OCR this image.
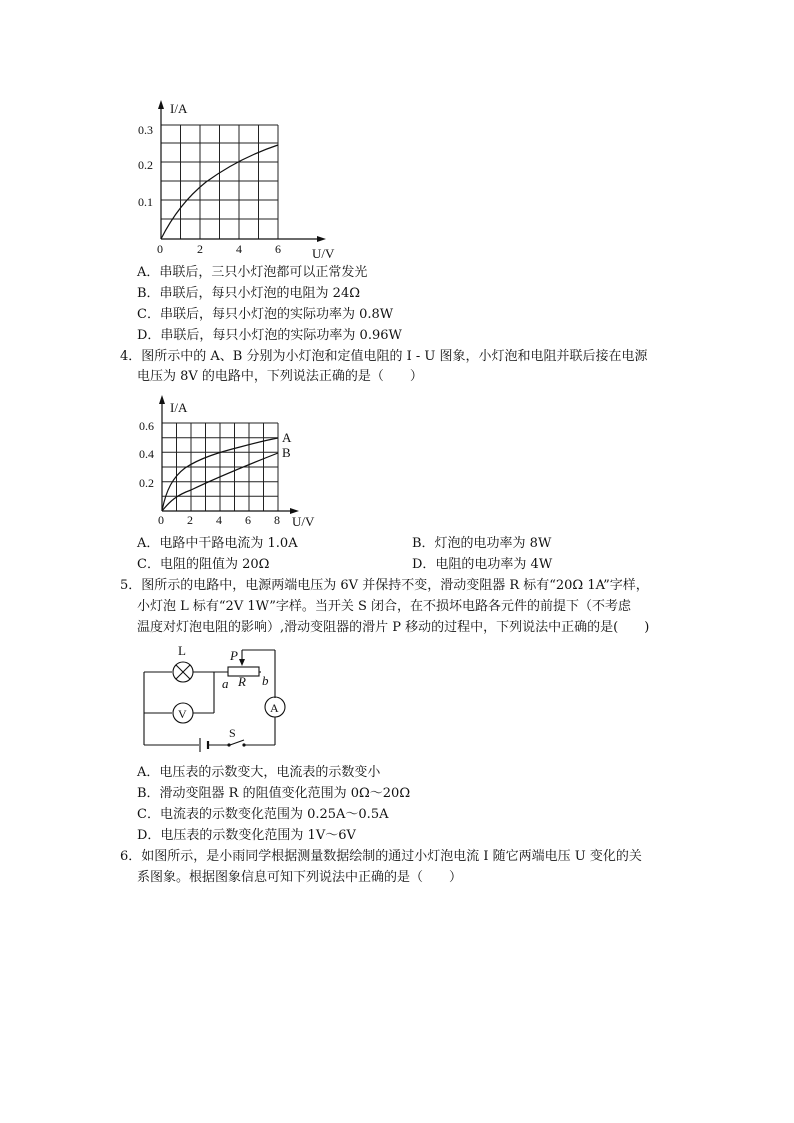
I/A
U/V
0.3
0.2
0.1
0	2	4	6
A．串联后，三只小灯泡都可以正常发光
B．串联后，每只小灯泡的电阻为 24Ω
C．串联后，每只小灯泡的实际功率为 0.8W
D．串联后，每只小灯泡的实际功率为 0.96W
4．图所示中的 A、B 分别为小灯泡和定值电阻的 I - U 图象，小灯泡和电阻并联后接在电源
电压为 8V 的电路中，下列说法正确的是（　　）
A
B
I/A
U/V
0.6
0.4
0.2
0 2 4 6 8
A．电路中干路电流为 1.0A	B．灯泡的电功率为 8W
C．电阻的阻值为 20Ω	D．电阻的电功率为 4W
5．图所示的电路中，电源两端电压为 6V 并保持不变，滑动变阻器 R 标有“20Ω 1A”字样，
小灯泡 L 标有“2V 1W”字样。当开关 S 闭合，在不损坏电路各元件的前提下（不考虑
温度对灯泡电阻的影响）,滑动变阻器的滑片 P 移动的过程中，下列说法中正确的是(　　)
L	P
R
a	b
V	A
S
A．电压表的示数变大，电流表的示数变小
B．滑动变阻器 R 的阻值变化范围为 0Ω～20Ω
C．电流表的示数变化范围为 0.25A～0.5A
D．电压表的示数变化范围为 1V～6V
6．如图所示，是小雨同学根据测量数据绘制的通过小灯泡电流 I 随它两端电压 U 变化的关
系图象。根据图象信息可知下列说法中正确的是（　　）
